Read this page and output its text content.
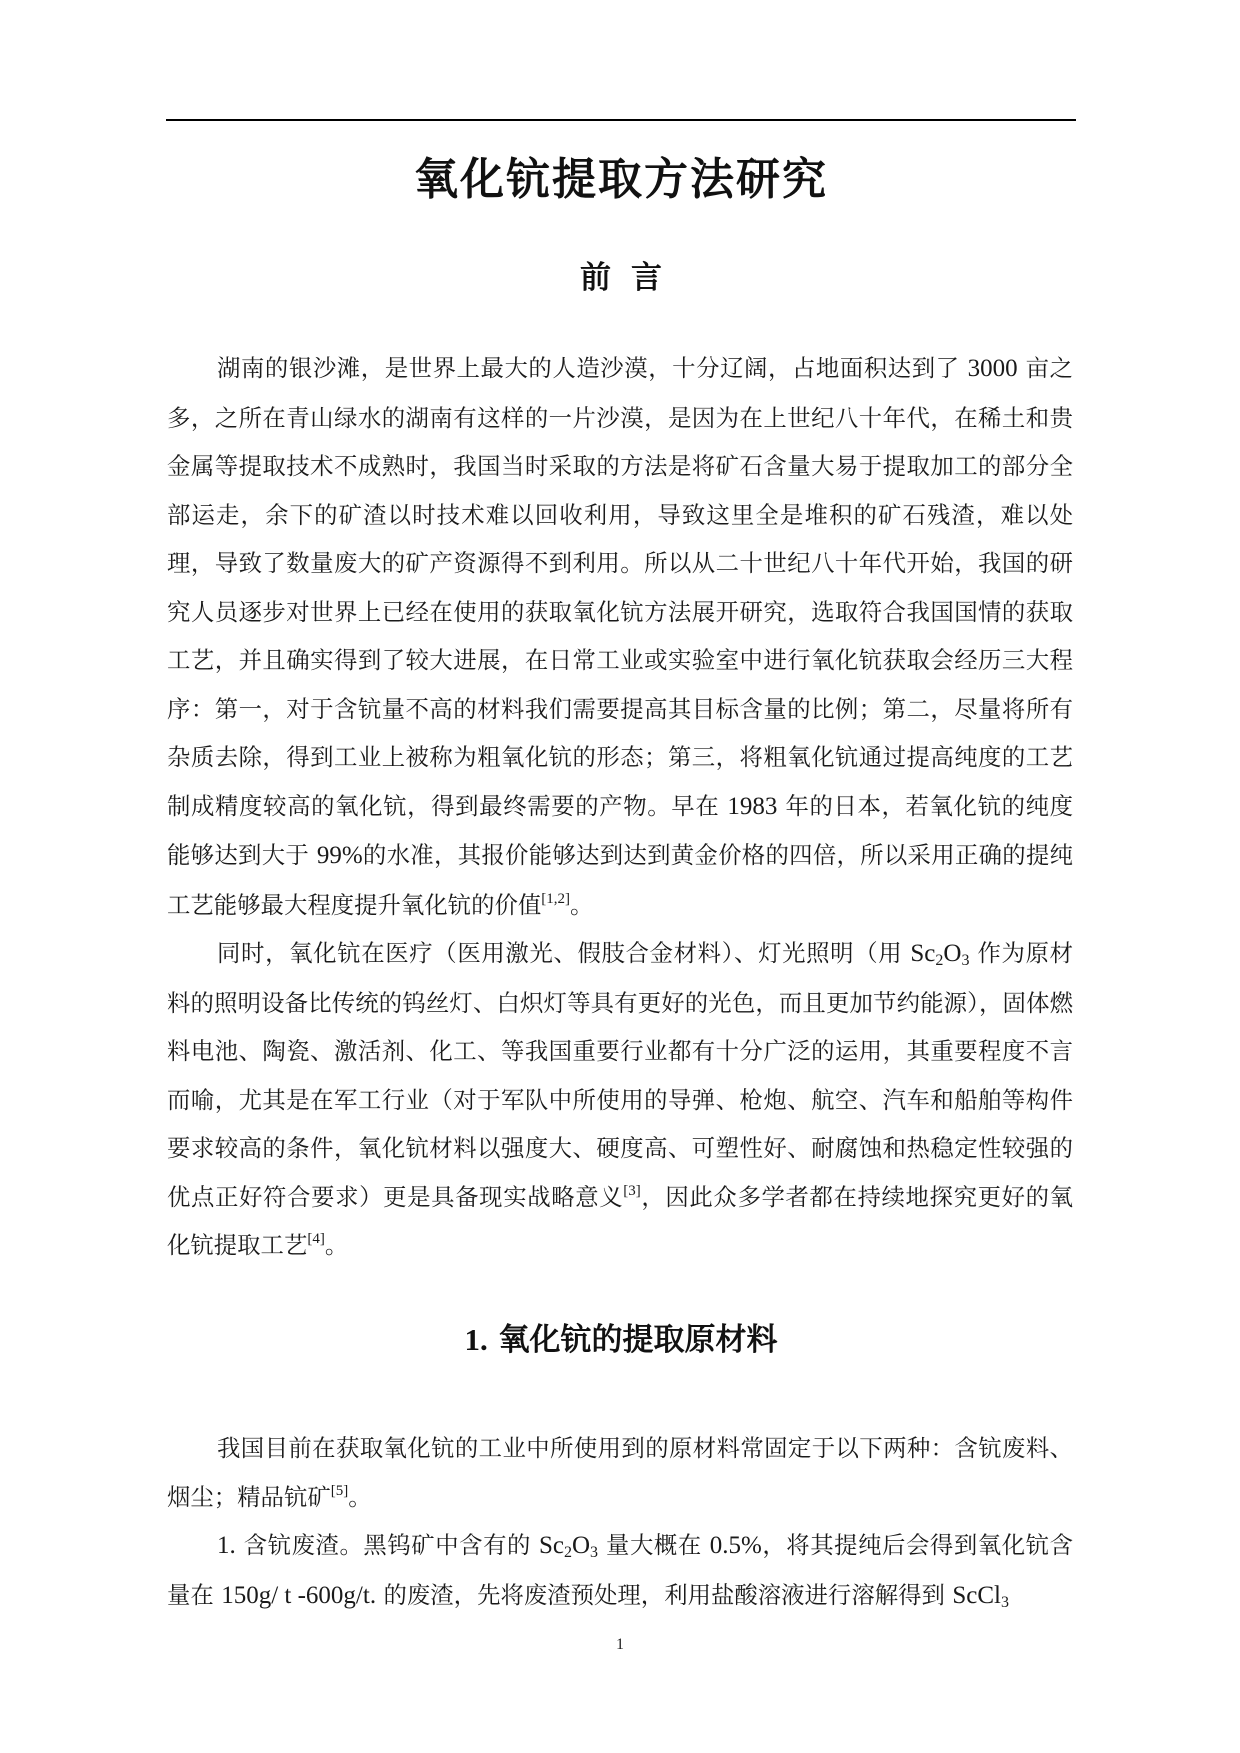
氧化钪提取方法研究
前 言

湖南的银沙滩，是世界上最大的人造沙漠，十分辽阔，占地面积达到了 3000 亩之多，之所在青山绿水的湖南有这样的一片沙漠，是因为在上世纪八十年代，在稀土和贵金属等提取技术不成熟时，我国当时采取的方法是将矿石含量大易于提取加工的部分全部运走，余下的矿渣以时技术难以回收利用，导致这里全是堆积的矿石残渣，难以处理，导致了数量废大的矿产资源得不到利用。所以从二十世纪八十年代开始，我国的研究人员逐步对世界上已经在使用的获取氧化钪方法展开研究，选取符合我国国情的获取工艺，并且确实得到了较大进展，在日常工业或实验室中进行氧化钪获取会经历三大程序：第一，对于含钪量不高的材料我们需要提高其目标含量的比例；第二，尽量将所有杂质去除，得到工业上被称为粗氧化钪的形态；第三，将粗氧化钪通过提高纯度的工艺制成精度较高的氧化钪，得到最终需要的产物。早在 1983 年的日本，若氧化钪的纯度能够达到大于 99%的水准，其报价能够达到达到黄金价格的四倍，所以采用正确的提纯工艺能够最大程度提升氧化钪的价值[1,2]。

同时，氧化钪在医疗（医用激光、假肢合金材料）、灯光照明（用 $Sc_2O_3$ 作为原材料的照明设备比传统的钨丝灯、白炽灯等具有更好的光色，而且更加节约能源），固体燃料电池、陶瓷、激活剂、化工、等我国重要行业都有十分广泛的运用，其重要程度不言而喻，尤其是在军工行业（对于军队中所使用的导弹、枪炮、航空、汽车和船舶等构件要求较高的条件，氧化钪材料以强度大、硬度高、可塑性好、耐腐蚀和热稳定性较强的优点正好符合要求）更是具备现实战略意义[3]，因此众多学者都在持续地探究更好的氧化钪提取工艺[4]。

1. 氧化钪的提取原材料

我国目前在获取氧化钪的工业中所使用到的原材料常固定于以下两种：含钪废料、烟尘；精品钪矿[5]。

1. 含钪废渣。黑钨矿中含有的 $Sc_2O_3$ 量大概在 0.5%，将其提纯后会得到氧化钪含量在 150g/ t -600g/t. 的废渣，先将废渣预处理，利用盐酸溶液进行溶解得到 ScCl$_3$

1
